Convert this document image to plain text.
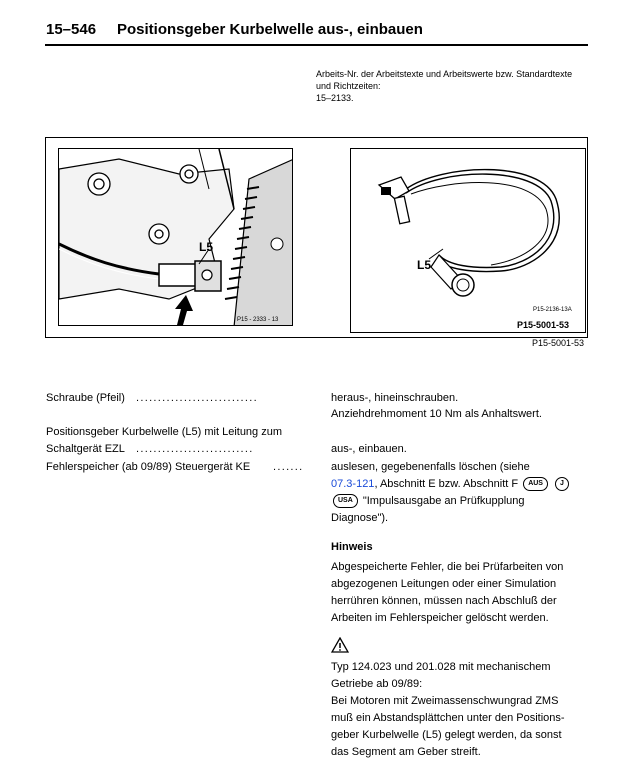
15–546 Positionsgeber Kurbelwelle aus-, einbauen
Arbeits-Nr. der Arbeitstexte und Arbeitswerte bzw. Standardtexte
und Richtzeiten:
15–2133.
L5
P15 - 2333 - 13
L5
P15-2136-13A
P15-5001-53
P15-5001-53
Schraube (Pfeil) ............................	heraus-, hineinschrauben.
Anziehdrehmoment 10 Nm als Anhaltswert.
Positionsgeber Kurbelwelle (L5) mit Leitung zum
Schaltgerät EZL ...........................	aus-, einbauen.
Fehlerspeicher (ab 09/89) Steuergerät KE .......	auslesen, gegebenenfalls löschen (siehe
07.3-121, Abschnitt E bzw. Abschnitt F AUS J
USA "Impulsausgabe an Prüfkupplung
Diagnose").
Hinweis
Abgespeicherte Fehler, die bei Prüfarbeiten von
abgezogenen Leitungen oder einer Simulation
herrühren können, müssen nach Abschluß der
Arbeiten im Fehlerspeicher gelöscht werden.
Typ 124.023 und 201.028 mit mechanischem
Getriebe ab 09/89:
Bei Motoren mit Zweimassenschwungrad ZMS
muß ein Abstandsplättchen unter den Positions-
geber Kurbelwelle (L5) gelegt werden, da sonst
das Segment am Geber streift.
